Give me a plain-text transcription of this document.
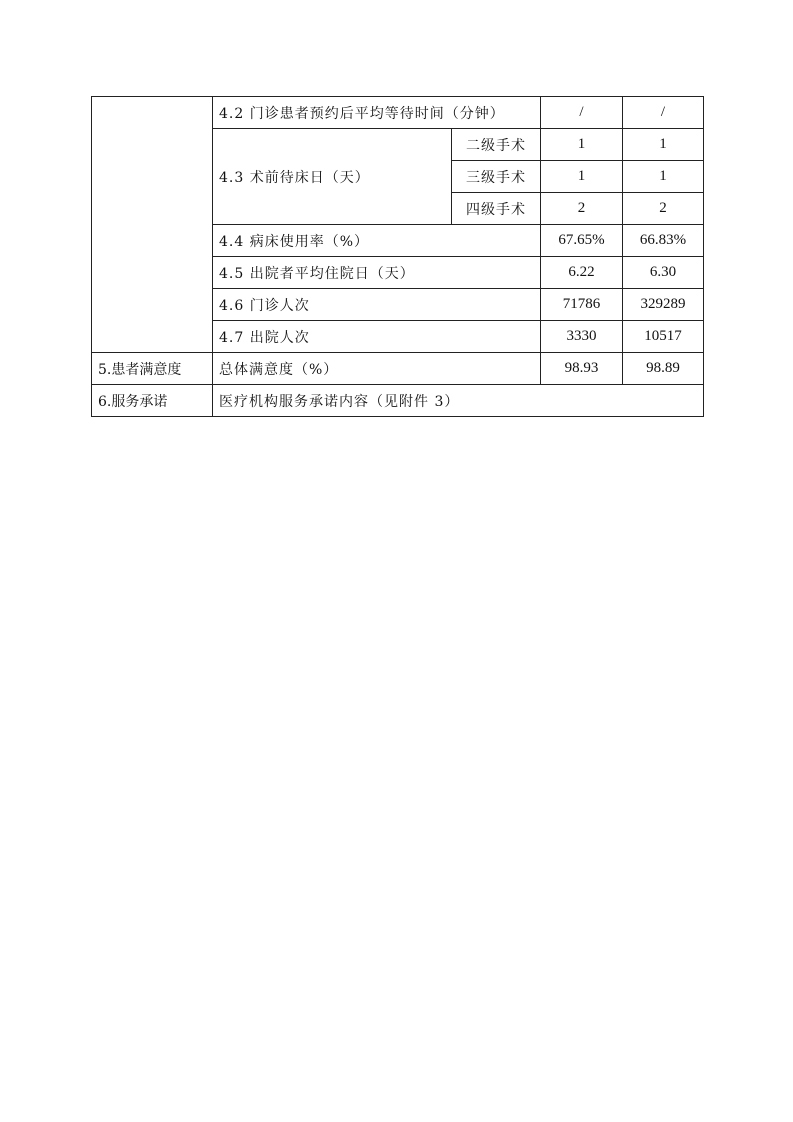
	4.2 门诊患者预约后平均等待时间（分钟）		/	/
	4.3 术前待床日（天）	二级手术	1	1
		三级手术	1	1
		四级手术	2	2
	4.4 病床使用率（%）		67.65%	66.83%
	4.5 出院者平均住院日（天）		6.22	6.30
	4.6 门诊人次		71786	329289
	4.7 出院人次		3330	10517
5.患者满意度	总体满意度（%）		98.93	98.89
6.服务承诺	医疗机构服务承诺内容（见附件 3）			
